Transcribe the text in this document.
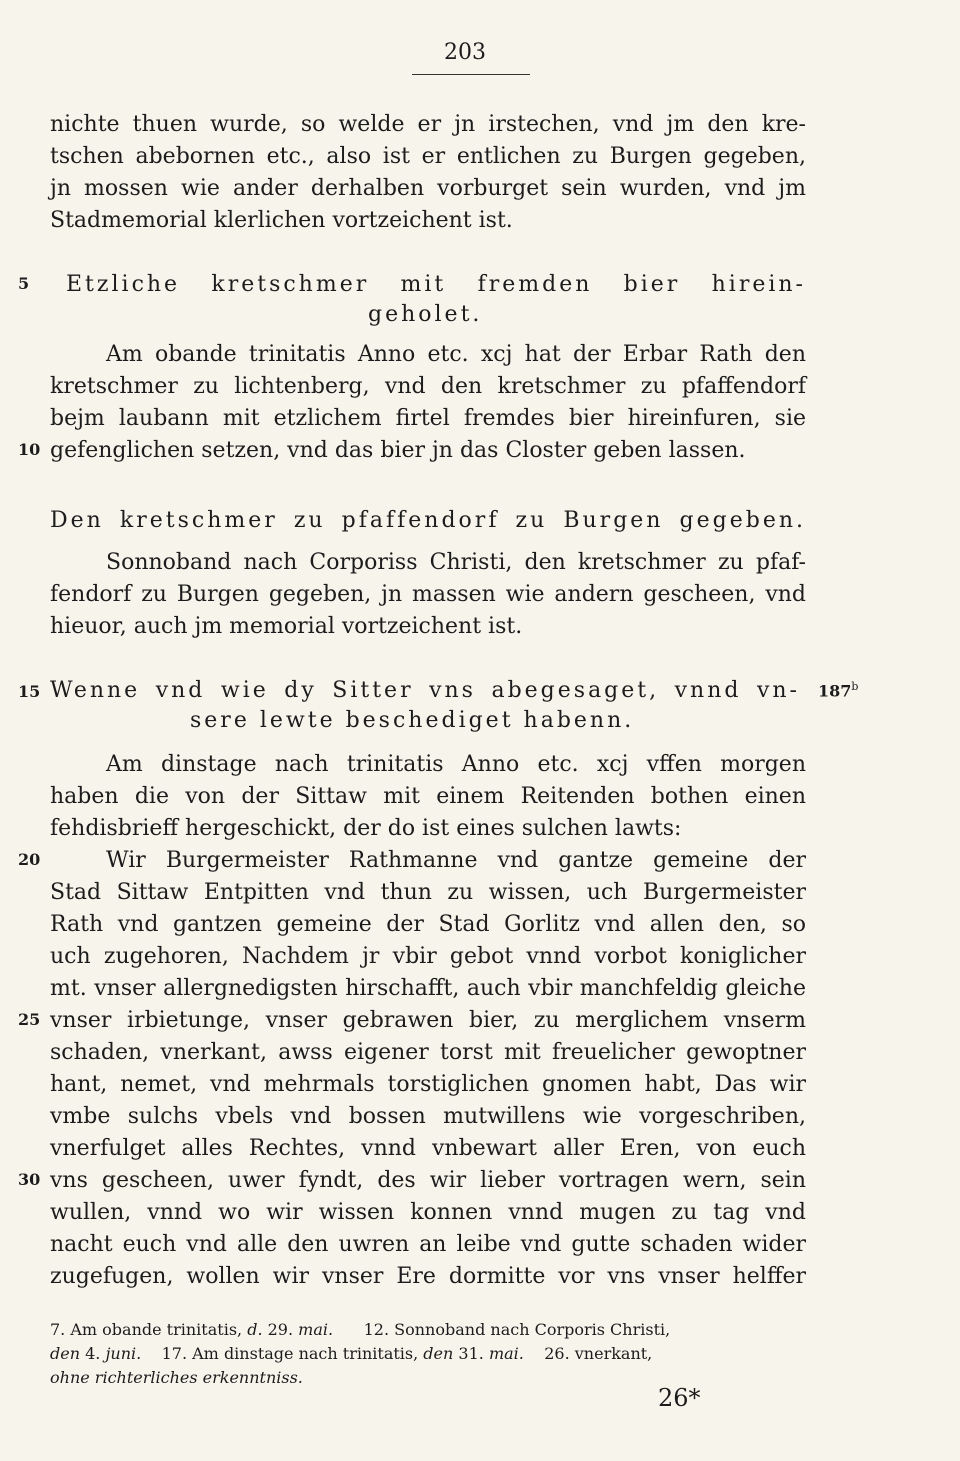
203
nichte thuen wurde, so welde er jn irstechen, vnd jm den kre-
tschen abebornen etc., also ist er entlichen zu Burgen gegeben,
jn mossen wie ander derhalben vorburget sein wurden, vnd jm
Stadmemorial klerlichen vortzeichent ist.
5 Etzliche kretschmer mit fremden bier hirein-
geholet.
Am obande trinitatis Anno etc. xcj hat der Erbar Rath den
kretschmer zu lichtenberg, vnd den kretschmer zu pfaffendorf
bejm laubann mit etzlichem firtel fremdes bier hireinfuren, sie
10 gefenglichen setzen, vnd das bier jn das Closter geben lassen.
Den kretschmer zu pfaffendorf zu Burgen gegeben.
Sonnoband nach Corporiss Christi, den kretschmer zu pfaf-
fendorf zu Burgen gegeben, jn massen wie andern gescheen, vnd
hieuor, auch jm memorial vortzeichent ist.
15 Wenne vnd wie dy Sitter vns abegesaget, vnnd vn- 187$^b$
sere lewte beschediget habenn.
Am dinstage nach trinitatis Anno etc. xcj vffen morgen
haben die von der Sittaw mit einem Reitenden bothen einen
fehdisbrieff hergeschickt, der do ist eines sulchen lawts:
20	Wir Burgermeister Rathmanne vnd gantze gemeine der
Stad Sittaw Entpitten vnd thun zu wissen, uch Burgermeister
Rath vnd gantzen gemeine der Stad Gorlitz vnd allen den, so
uch zugehoren, Nachdem jr vbir gebot vnnd vorbot koniglicher
mt. vnser allergnedigsten hirschafft, auch vbir manchfeldig gleiche
25 vnser irbietunge, vnser gebrawen bier, zu merglichem vnserm
schaden, vnerkant, awss eigener torst mit freuelicher gewoptner
hant, nemet, vnd mehrmals torstiglichen gnomen habt, Das wir
vmbe sulchs vbels vnd bossen mutwillens wie vorgeschriben,
vnerfulget alles Rechtes, vnnd vnbewart aller Eren, von euch
30 vns gescheen, uwer fyndt, des wir lieber vortragen wern, sein
wullen, vnnd wo wir wissen konnen vnnd mugen zu tag vnd
nacht euch vnd alle den uwren an leibe vnd gutte schaden wider
zugefugen, wollen wir vnser Ere dormitte vor vns vnser helffer
7. Am obande trinitatis, d. 29. mai. 12. Sonnoband nach Corporis Christi,
den 4. juni. 17. Am dinstage nach trinitatis, den 31. mai. 26. vnerkant,
ohne richterliches erkenntniss.
26*
